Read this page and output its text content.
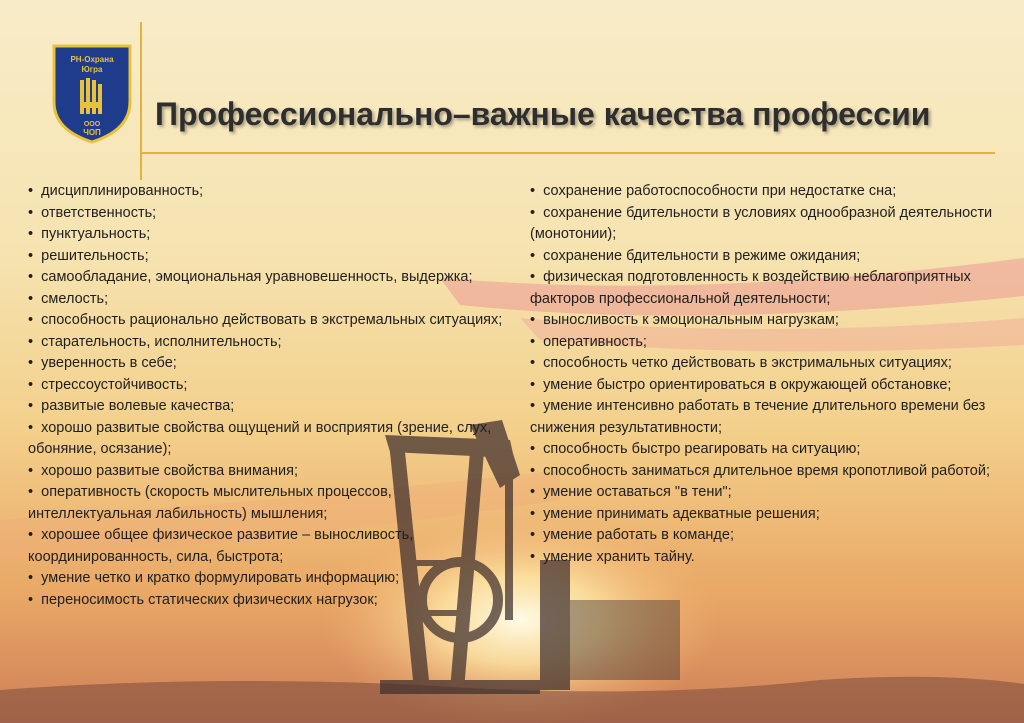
РН-Охрана
Югра
ООО
ЧОП
Профессионально–важные качества профессии
•  дисциплинированность;
•  ответственность;
•  пунктуальность;
•  решительность;
•  самообладание, эмоциональная уравновешенность, выдержка;
•  смелость;
•  способность рационально действовать в экстремальных ситуациях;
•  старательность, исполнительность;
•  уверенность в себе;
•  стрессоустойчивость;
•  развитые волевые качества;
•  хорошо развитые свойства ощущений и восприятия (зрение, слух, обоняние, осязание);
•  хорошо развитые свойства внимания;
•  оперативность (скорость мыслительных процессов, интеллектуальная лабильность) мышления;
•  хорошее общее физическое развитие – выносливость, координированность, сила, быстрота;
•  умение четко и кратко формулировать информацию;
•  переносимость статических физических нагрузок;
•  сохранение работоспособности при недостатке сна;
•  сохранение бдительности в условиях однообразной деятельности (монотонии);
•  сохранение бдительности в режиме ожидания;
•  физическая подготовленность к воздействию неблагоприятных факторов профессиональной деятельности;
•  выносливость к эмоциональным нагрузкам;
•  оперативность;
•  способность четко действовать в экстримальных ситуациях;
•  умение быстро ориентироваться в окружающей обстановке;
•  умение интенсивно работать в течение длительного времени без снижения результативности;
•  способность быстро реагировать на ситуацию;
•  способность заниматься длительное время кропотливой работой;
•  умение оставаться "в тени";
•  умение принимать адекватные решения;
•  умение работать в команде;
•  умение хранить тайну.
